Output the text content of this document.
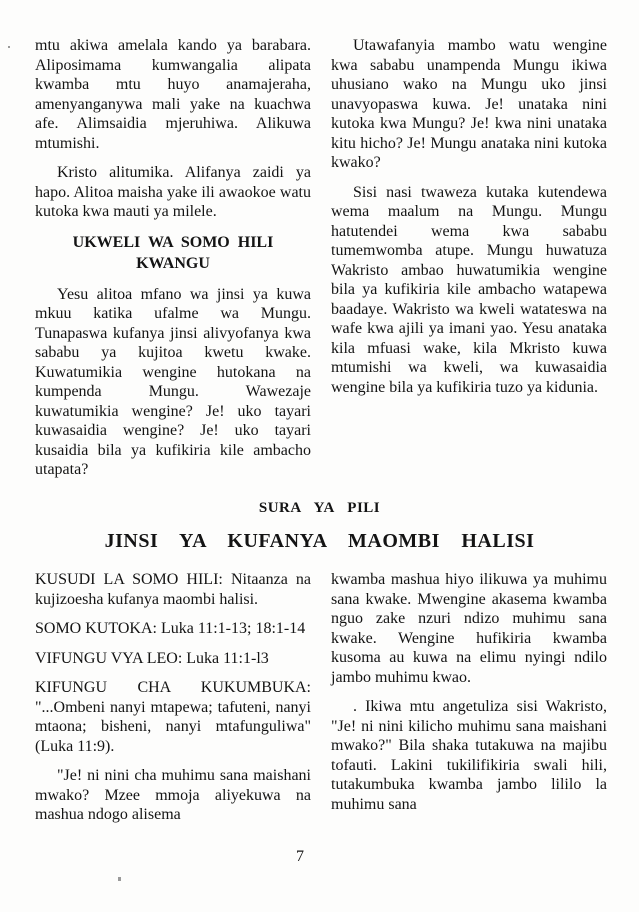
mtu akiwa amelala kando ya barabara. Aliposimama kumwangalia alipata kwamba mtu huyo anamajeraha, amenyanganywa mali yake na kuachwa afe. Alimsaidia mjeruhiwa. Alikuwa mtumishi.

Kristo alitumika. Alifanya zaidi ya hapo. Alitoa maisha yake ili awaokoe watu kutoka kwa mauti ya milele.

UKWELI WA SOMO HILI KWANGU

Yesu alitoa mfano wa jinsi ya kuwa mkuu katika ufalme wa Mungu. Tunapaswa kufanya jinsi alivyofanya kwa sababu ya kujitoa kwetu kwake. Kuwatumikia wengine hutokana na kumpenda Mungu. Wawezaje kuwatumikia wengine? Je! uko tayari kuwasaidia wengine? Je! uko tayari kusaidia bila ya kufikiria kile ambacho utapata?

Utawafanyia mambo watu wengine kwa sababu unampenda Mungu ikiwa uhusiano wako na Mungu uko jinsi unavyopaswa kuwa. Je! unataka nini kutoka kwa Mungu? Je! kwa nini unataka kitu hicho? Je! Mungu anataka nini kutoka kwako?

Sisi nasi twaweza kutaka kutendewa wema maalum na Mungu. Mungu hatutendei wema kwa sababu tumemwomba atupe. Mungu huwatuza Wakristo ambao huwatumikia wengine bila ya kufikiria kile ambacho watapewa baadaye. Wakristo wa kweli watateswa na wafe kwa ajili ya imani yao. Yesu anataka kila mfuasi wake, kila Mkristo kuwa mtumishi wa kweli, wa kuwasaidia wengine bila ya kufikiria tuzo ya kidunia.

SURA YA PILI

JINSI YA KUFANYA MAOMBI HALISI

KUSUDI LA SOMO HILI: Nitaanza na kujizoesha kufanya maombi halisi.

SOMO KUTOKA: Luka 11:1-13; 18:1-14

VIFUNGU VYA LEO: Luka 11:1-l3

KIFUNGU CHA KUKUMBUKA: "...Ombeni nanyi mtapewa; tafuteni, nanyi mtaona; bisheni, nanyi mtafunguliwa" (Luka 11:9).

"Je! ni nini cha muhimu sana maishani mwako? Mzee mmoja aliyekuwa na mashua ndogo alisema

kwamba mashua hiyo ilikuwa ya muhimu sana kwake. Mwengine akasema kwamba nguo zake nzuri ndizo muhimu sana kwake. Wengine hufikiria kwamba kusoma au kuwa na elimu nyingi ndilo jambo muhimu kwao.

. Ikiwa mtu angetuliza sisi Wakristo, "Je! ni nini kilicho muhimu sana maishani mwako?" Bila shaka tutakuwa na majibu tofauti. Lakini tukilifikiria swali hili, tutakumbuka kwamba jambo lililo la muhimu sana

7
